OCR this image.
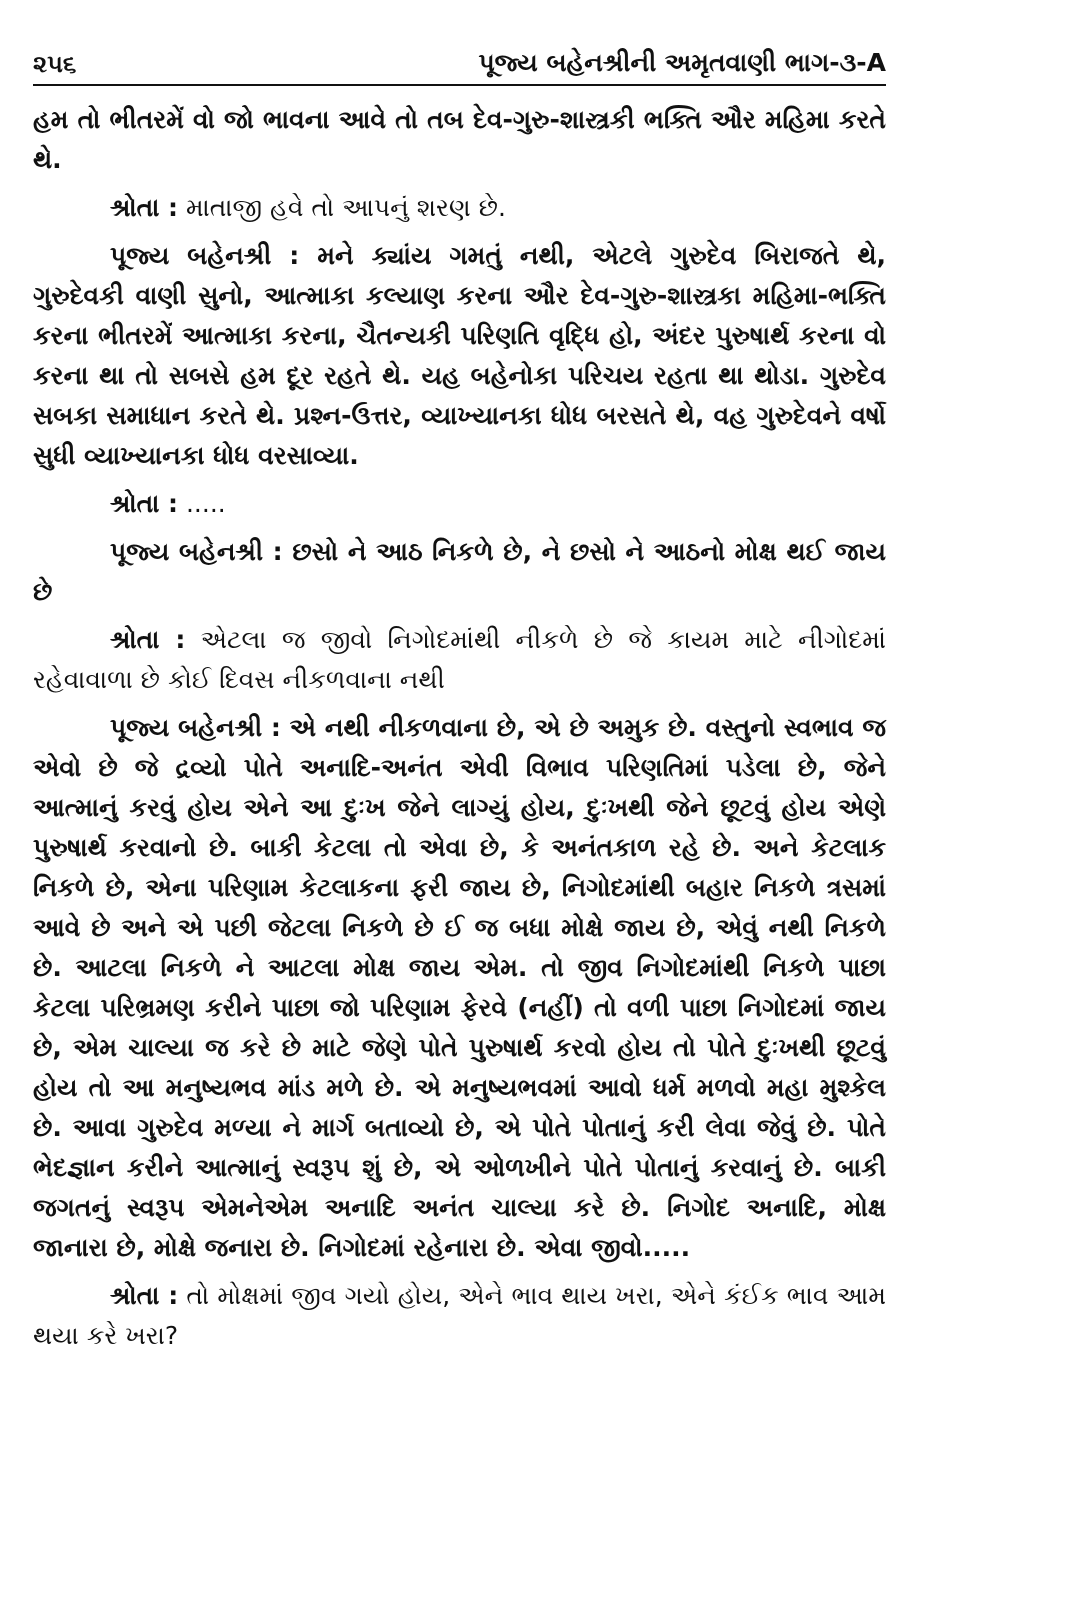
૨૫૬	પૂજ્ય બહેનશ્રીની અમૃતવાણી ભાગ-૩-A

હમ તો ભીતરમેં વો જો ભાવના આવે તો તબ દેવ-ગુરુ-શાસ્ત્રકી ભક્તિ ઔર મહિમા કરતે થે.

શ્રોતા : માતાજી હવે તો આપનું શરણ છે.

પૂજ્ય બહેનશ્રી : મને ક્યાંય ગમતું નથી, એટલે ગુરુદેવ બિરાજતે થે, ગુરુદેવકી વાણી સુનો, આત્માકા કલ્યાણ કરના ઔર દેવ-ગુરુ-શાસ્ત્રકા મહિમા-ભક્તિ કરના ભીતરમેં આત્માકા કરના, ચૈતન્યકી પરિણતિ વૃદ્ધિ હો, અંદર પુરુષાર્થ કરના વો કરના થા તો સબસે હમ દૂર રહતે થે. યહ બહેનોકા પરિચય રહતા થા થોડા. ગુરુદેવ સબકા સમાધાન કરતે થે. પ્રશ્ન-ઉત્તર, વ્યાખ્યાનકા ધોધ બરસતે થે, વહ ગુરુદેવને વર્ષો સુધી વ્યાખ્યાનકા ધોધ વરસાવ્યા.

શ્રોતા : .....

પૂજ્ય બહેનશ્રી : છસો ને આઠ નિકળે છે, ને છસો ને આઠનો મોક્ષ થઈ જાય છે

શ્રોતા : એટલા જ જીવો નિગોદમાંથી નીકળે છે જે કાયમ માટે નીગોદમાં રહેવાવાળા છે કોઈ દિવસ નીકળવાના નથી

પૂજ્ય બહેનશ્રી : એ નથી નીકળવાના છે, એ છે અમુક છે. વસ્તુનો સ્વભાવ જ એવો છે જે દ્રવ્યો પોતે અનાદિ-અનંત એવી વિભાવ પરિણતિમાં પડેલા છે, જેને આત્માનું કરવું હોય એને આ દુઃખ જેને લાગ્યું હોય, દુઃખથી જેને છૂટવું હોય એણે પુરુષાર્થ કરવાનો છે. બાકી કેટલા તો એવા છે, કે અનંતકાળ રહે છે. અને કેટલાક નિકળે છે, એના પરિણામ કેટલાકના ફરી જાય છે, નિગોદમાંથી બહાર નિકળે ત્રસમાં આવે છે અને એ પછી જેટલા નિકળે છે ઈ જ બધા મોક્ષે જાય છે, એવું નથી નિકળે છે. આટલા નિકળે ને આટલા મોક્ષ જાય એમ. તો જીવ નિગોદમાંથી નિકળે પાછા કેટલા પરિભ્રમણ કરીને પાછા જો પરિણામ ફેરવે (નહીં) તો વળી પાછા નિગોદમાં જાય છે, એમ ચાલ્યા જ કરે છે માટે જેણે પોતે પુરુષાર્થ કરવો હોય તો પોતે દુઃખથી છૂટવું હોય તો આ મનુષ્યભવ માંડ મળે છે. એ મનુષ્યભવમાં આવો ધર્મ મળવો મહા મુશ્કેલ છે. આવા ગુરુદેવ મળ્યા ને માર્ગ બતાવ્યો છે, એ પોતે પોતાનું કરી લેવા જેવું છે. પોતે ભેદજ્ઞાન કરીને આત્માનું સ્વરૂપ શું છે, એ ઓળખીને પોતે પોતાનું કરવાનું છે. બાકી જગતનું સ્વરૂપ એમનેએમ અનાદિ અનંત ચાલ્યા કરે છે. નિગોદ અનાદિ, મોક્ષ જાનારા છે, મોક્ષે જનારા છે. નિગોદમાં રહેનારા છે. એવા જીવો.....

શ્રોતા : તો મોક્ષમાં જીવ ગયો હોય, એને ભાવ થાય ખરા, એને કંઈક ભાવ આમ થયા કરે ખરા?
